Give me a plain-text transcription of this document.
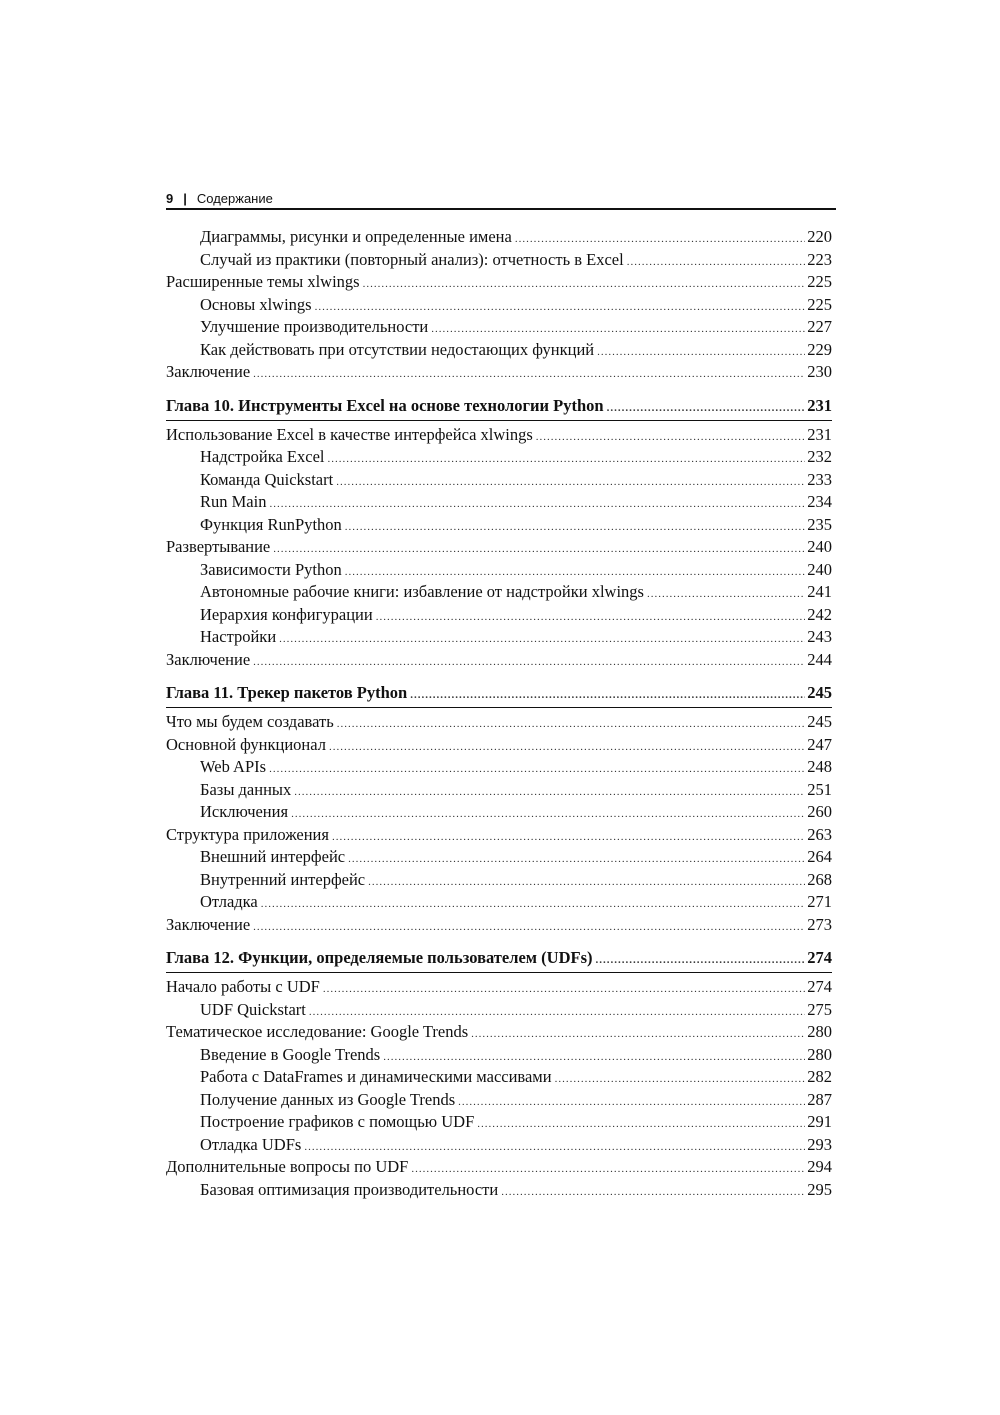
9 | Содержание
Диаграммы, рисунки и определенные имена .....	220
Случай из практики (повторный анализ): отчетность в Excel .....	223
Расширенные темы xlwings .....	225
Основы xlwings .....	225
Улучшение производительности .....	227
Как действовать при отсутствии недостающих функций .....	229
Заключение .....	230
Глава 10. Инструменты Excel на основе технологии Python .....	231
Использование Excel в качестве интерфейса xlwings .....	231
Надстройка Excel .....	232
Команда Quickstart .....	233
Run Main .....	234
Функция RunPython .....	235
Развертывание .....	240
Зависимости Python .....	240
Автономные рабочие книги: избавление от надстройки xlwings .....	241
Иерархия конфигурации .....	242
Настройки .....	243
Заключение .....	244
Глава 11. Трекер пакетов Python .....	245
Что мы будем создавать .....	245
Основной функционал .....	247
Web APIs .....	248
Базы данных .....	251
Исключения .....	260
Структура приложения .....	263
Внешний интерфейс .....	264
Внутренний интерфейс .....	268
Отладка .....	271
Заключение .....	273
Глава 12. Функции, определяемые пользователем (UDFs) .....	274
Начало работы с UDF .....	274
UDF Quickstart .....	275
Тематическое исследование: Google Trends .....	280
Введение в Google Trends .....	280
Работа с DataFrames и динамическими массивами .....	282
Получение данных из Google Trends .....	287
Построение графиков с помощью UDF .....	291
Отладка UDFs .....	293
Дополнительные вопросы по UDF .....	294
Базовая оптимизация производительности .....	295
